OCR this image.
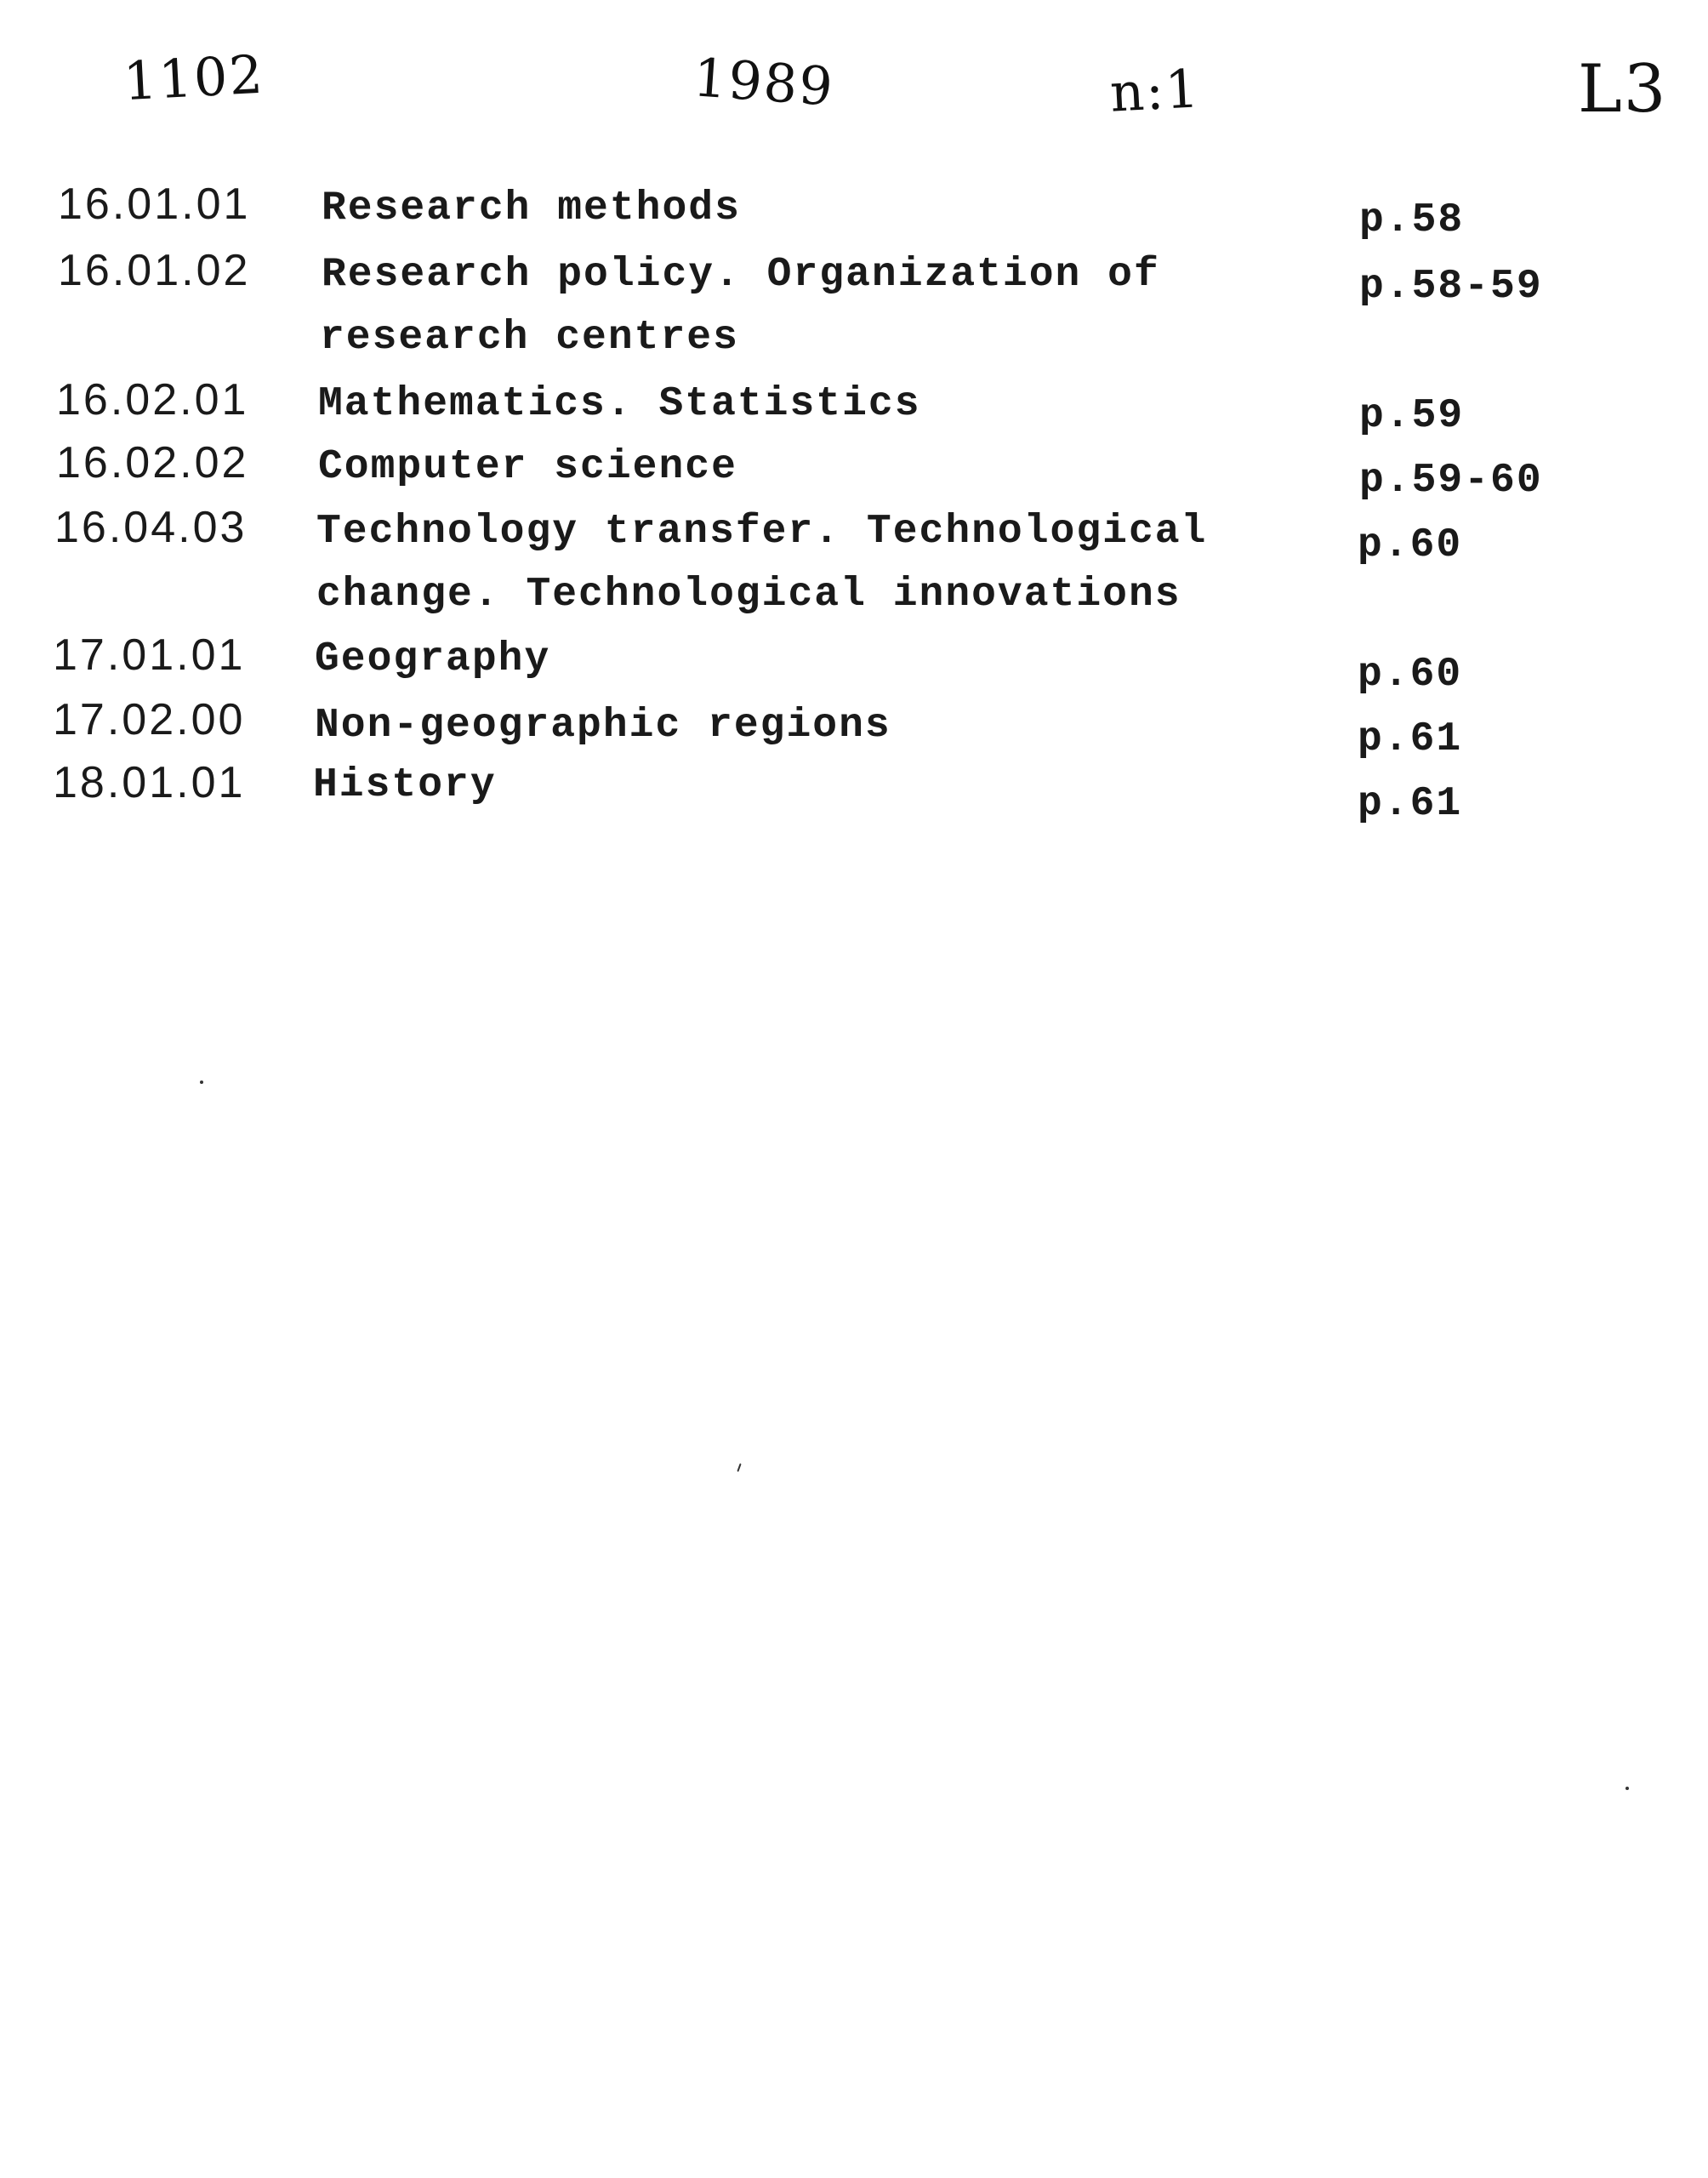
1102	1989	n:1	L3
16.01.01 Research methods	p.58
16.01.02 Research policy. Organization of
research centres
p.58-59
16.02.01 Mathematics. Statistics	p.59
16.02.02 Computer science	p.59-60
16.04.03 Technology transfer. Technological
change. Technological innovations
p.60
17.01.01 Geography	p.60
17.02.00 Non-geographic regions	p.61
18.01.01 History	p.61
